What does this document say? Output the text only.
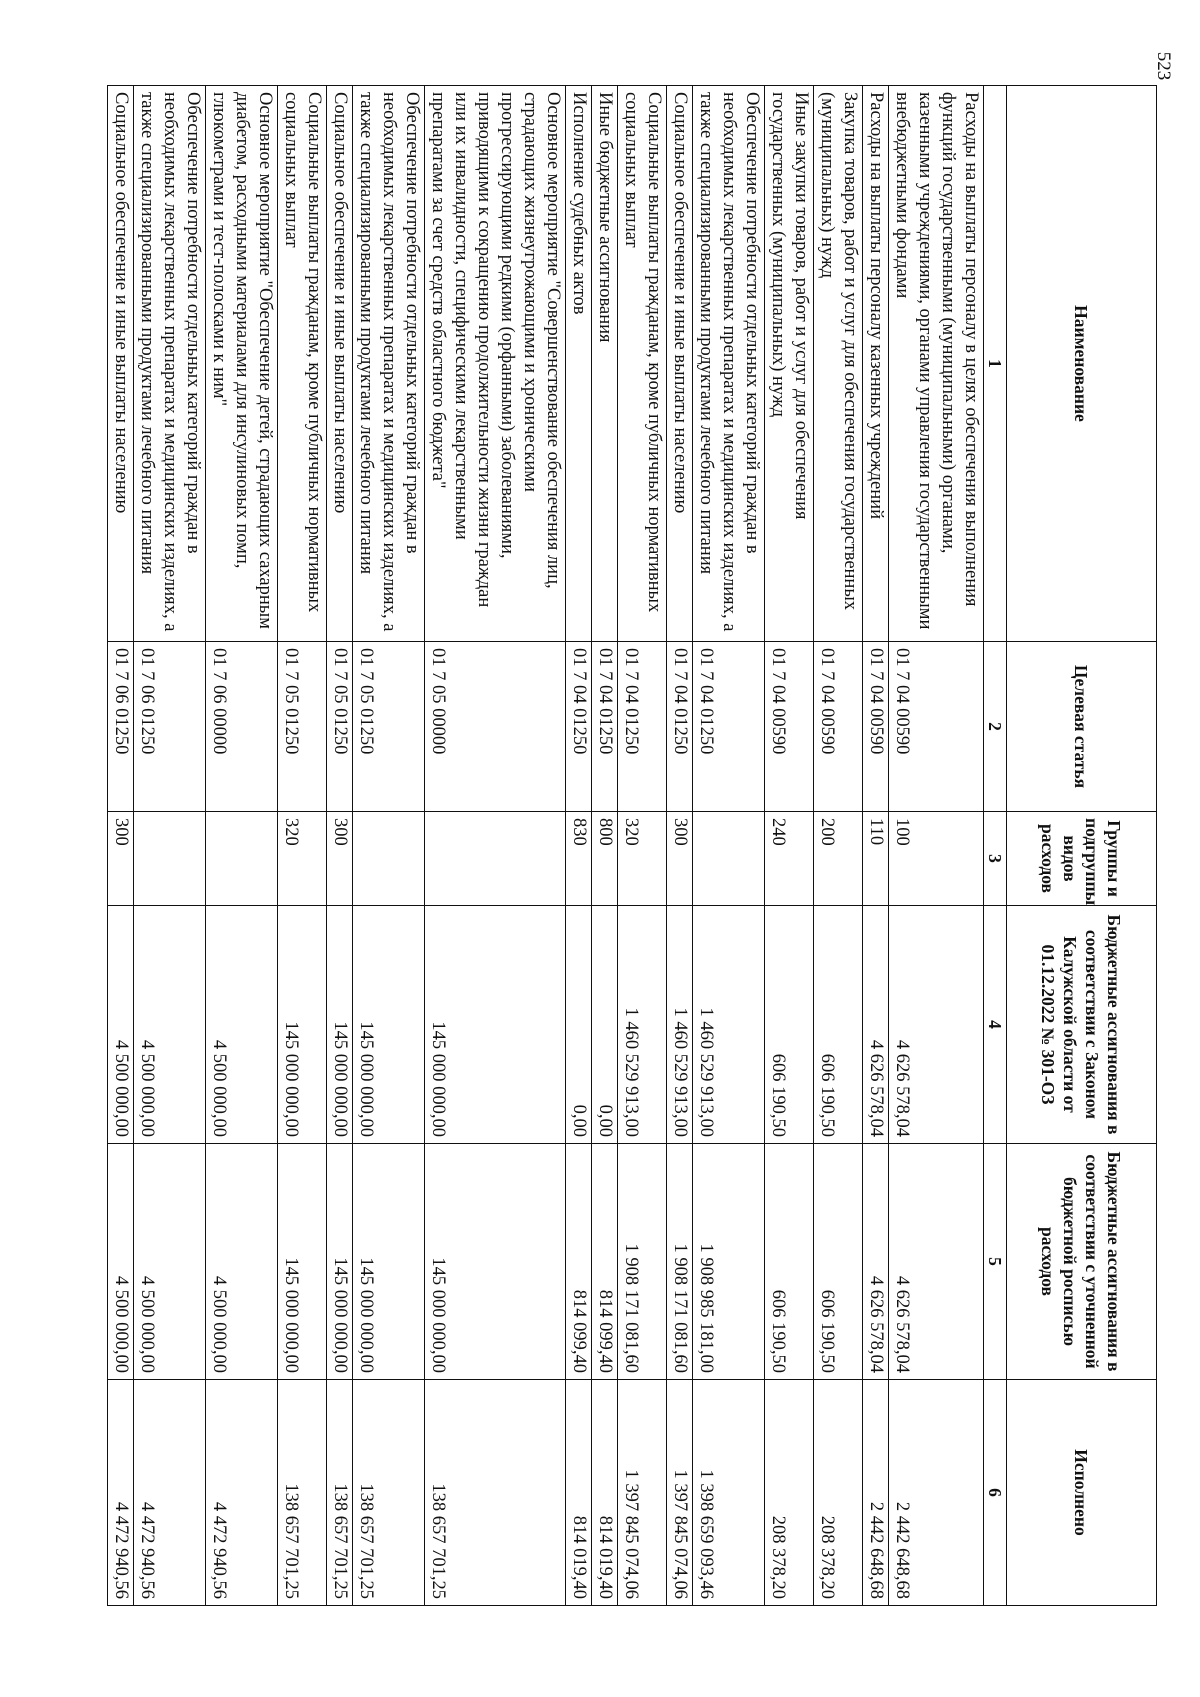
523
Наименование	Целевая статья	Группы и подгруппы видов расходов	Бюджетные ассигнования в соответствии с Законом Калужской области от 01.12.2022 № 301-ОЗ	Бюджетные ассигнования в соответствии с уточненной бюджетной росписью расходов	Исполнено
1	2	3	4	5	6
Расходы на выплаты персоналу в целях обеспечения выполнения функций государственными (муниципальными) органами, казенными учреждениями, органами управления государственными внебюджетными фондами	01 7 04 00590	100	4 626 578,04	4 626 578,04	2 442 648,68
Расходы на выплаты персоналу казенных учреждений	01 7 04 00590	110	4 626 578,04	4 626 578,04	2 442 648,68
Закупка товаров, работ и услуг для обеспечения государственных (муниципальных) нужд	01 7 04 00590	200	606 190,50	606 190,50	208 378,20
Иные закупки товаров, работ и услуг для обеспечения государственных (муниципальных) нужд	01 7 04 00590	240	606 190,50	606 190,50	208 378,20
Обеспечение потребности отдельных категорий граждан в необходимых лекарственных препаратах и медицинских изделиях, а также специализированными продуктами лечебного питания	01 7 04 01250		1 460 529 913,00	1 908 985 181,00	1 398 659 093,46
Социальное обеспечение и иные выплаты населению	01 7 04 01250	300	1 460 529 913,00	1 908 171 081,60	1 397 845 074,06
Социальные выплаты гражданам, кроме публичных нормативных социальных выплат	01 7 04 01250	320	1 460 529 913,00	1 908 171 081,60	1 397 845 074,06
Иные бюджетные ассигнования	01 7 04 01250	800	0,00	814 099,40	814 019,40
Исполнение судебных актов	01 7 04 01250	830	0,00	814 099,40	814 019,40
Основное мероприятие "Совершенствование обеспечения лиц, страдающих жизнеугрожающими и хроническими прогрессирующими редкими (орфанными) заболеваниями, приводящими к сокращению продолжительности жизни граждан или их инвалидности, специфическими лекарственными препаратами за счет средств областного бюджета"	01 7 05 00000		145 000 000,00	145 000 000,00	138 657 701,25
Обеспечение потребности отдельных категорий граждан в необходимых лекарственных препаратах и медицинских изделиях, а также специализированными продуктами лечебного питания	01 7 05 01250		145 000 000,00	145 000 000,00	138 657 701,25
Социальное обеспечение и иные выплаты населению	01 7 05 01250	300	145 000 000,00	145 000 000,00	138 657 701,25
Социальные выплаты гражданам, кроме публичных нормативных социальных выплат	01 7 05 01250	320	145 000 000,00	145 000 000,00	138 657 701,25
Основное мероприятие "Обеспечение детей, страдающих сахарным диабетом, расходными материалами для инсулиновых помп, глюкометрами и тест-полосками к ним"	01 7 06 00000		4 500 000,00	4 500 000,00	4 472 940,56
Обеспечение потребности отдельных категорий граждан в необходимых лекарственных препаратах и медицинских изделиях, а также специализированными продуктами лечебного питания	01 7 06 01250		4 500 000,00	4 500 000,00	4 472 940,56
Социальное обеспечение и иные выплаты населению	01 7 06 01250	300	4 500 000,00	4 500 000,00	4 472 940,56
